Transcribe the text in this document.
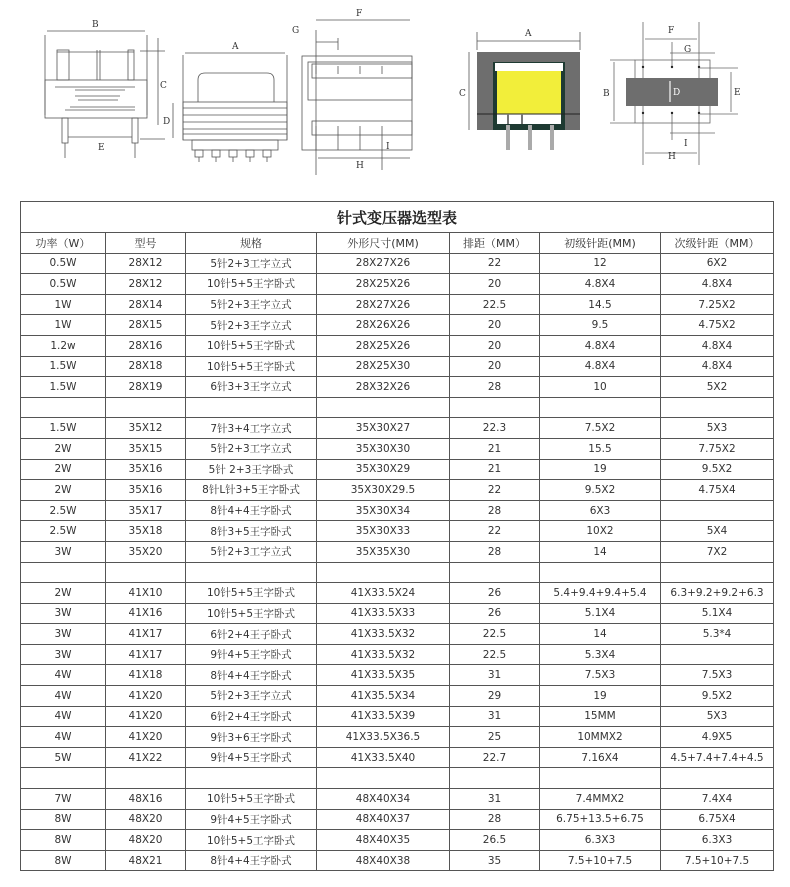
B
C
E
D
A
F
G
H
I
A
C
F
G
B	D	E
I
H
针式变压器选型表						
功率（W）	型号	规格	外形尺寸(MM)	排距（MM）	初级针距(MM)	次级针距（MM）
0.5W	28X12	5针2+3工字立式	28X27X26	22	12	6X2
0.5W	28X12	10针5+5王字卧式	28X25X26	20	4.8X4	4.8X4
1W	28X14	5针2+3王字立式	28X27X26	22.5	14.5	7.25X2
1W	28X15	5针2+3王字立式	28X26X26	20	9.5	4.75X2
1.2w	28X16	10针5+5王字卧式	28X25X26	20	4.8X4	4.8X4
1.5W	28X18	10针5+5王字卧式	28X25X30	20	4.8X4	4.8X4
1.5W	28X19	6针3+3王字立式	28X32X26	28	10	5X2

1.5W	35X12	7针3+4工字立式	35X30X27	22.3	7.5X2	5X3
2W	35X15	5针2+3工字立式	35X30X30	21	15.5	7.75X2
2W	35X16	5针 2+3王字卧式	35X30X29	21	19	9.5X2
2W	35X16	8针L针3+5王字卧式	35X30X29.5	22	9.5X2	4.75X4
2.5W	35X17	8针4+4王字卧式	35X30X34	28	6X3	
2.5W	35X18	8针3+5王字卧式	35X30X33	22	10X2	5X4
3W	35X20	5针2+3工字立式	35X35X30	28	14	7X2

2W	41X10	10针5+5王字卧式	41X33.5X24	26	5.4+9.4+9.4+5.4	6.3+9.2+9.2+6.3
3W	41X16	10针5+5王字卧式	41X33.5X33	26	5.1X4	5.1X4
3W	41X17	6针2+4王子卧式	41X33.5X32	22.5	14	5.3*4
3W	41X17	9针4+5王字卧式	41X33.5X32	22.5	5.3X4	
4W	41X18	8针4+4王字卧式	41X33.5X35	31	7.5X3	7.5X3
4W	41X20	5针2+3王字立式	41X35.5X34	29	19	9.5X2
4W	41X20	6针2+4王字卧式	41X33.5X39	31	15MM	5X3
4W	41X20	9针3+6王字卧式	41X33.5X36.5	25	10MMX2	4.9X5
5W	41X22	9针4+5王字卧式	41X33.5X40	22.7	7.16X4	4.5+7.4+7.4+4.5

7W	48X16	10针5+5王字卧式	48X40X34	31	7.4MMX2	7.4X4
8W	48X20	9针4+5王字卧式	48X40X37	28	6.75+13.5+6.75	6.75X4
8W	48X20	10针5+5工字卧式	48X40X35	26.5	6.3X3	6.3X3
8W	48X21	8针4+4王字卧式	48X40X38	35	7.5+10+7.5	7.5+10+7.5
